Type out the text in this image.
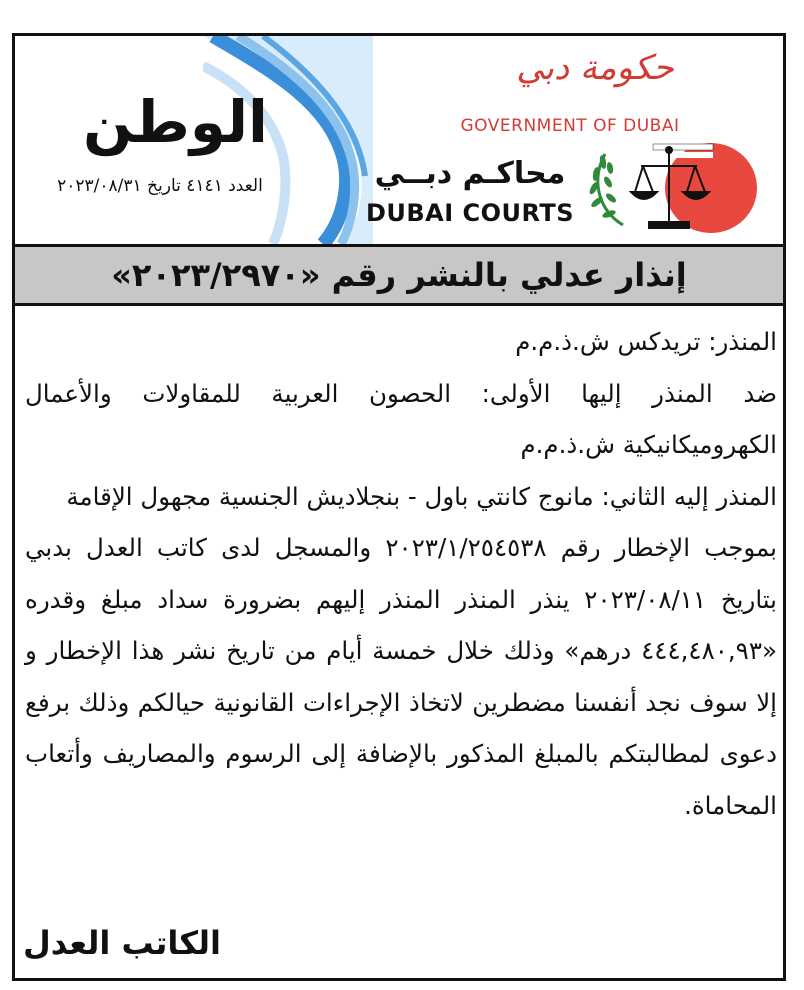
الوطن
العدد ٤١٤١ تاريخ ٢٠٢٣/٠٨/٣١
حكومة دبي
GOVERNMENT OF DUBAI
محاكـم دبــي
DUBAI COURTS
إنذار عدلي بالنشر رقم «٢٠٢٣/٢٩٧٠»

المنذر: تريدكس ش.ذ.م.م

ضد المنذر إليها الأولى: الحصون العربية للمقاولات والأعمال الكهروميكانيكية ش.ذ.م.م

المنذر إليه الثاني: مانوج كانتي باول - بنجلاديش الجنسية مجهول الإقامة

بموجب الإخطار رقم ٢٠٢٣/١/٢٥٤٥٣٨ والمسجل لدى كاتب العدل بدبي بتاريخ ٢٠٢٣/٠٨/١١ ينذر المنذر المنذر إليهم بضرورة سداد مبلغ وقدره «٤٤٤,٤٨٠,٩٣ درهم» وذلك خلال خمسة أيام من تاريخ نشر هذا الإخطار و إلا سوف نجد أنفسنا مضطرين لاتخاذ الإجراءات القانونية حيالكم وذلك برفع دعوى لمطالبتكم بالمبلغ المذكور بالإضافة إلى الرسوم والمصاريف وأتعاب المحاماة.

الكاتب العدل
